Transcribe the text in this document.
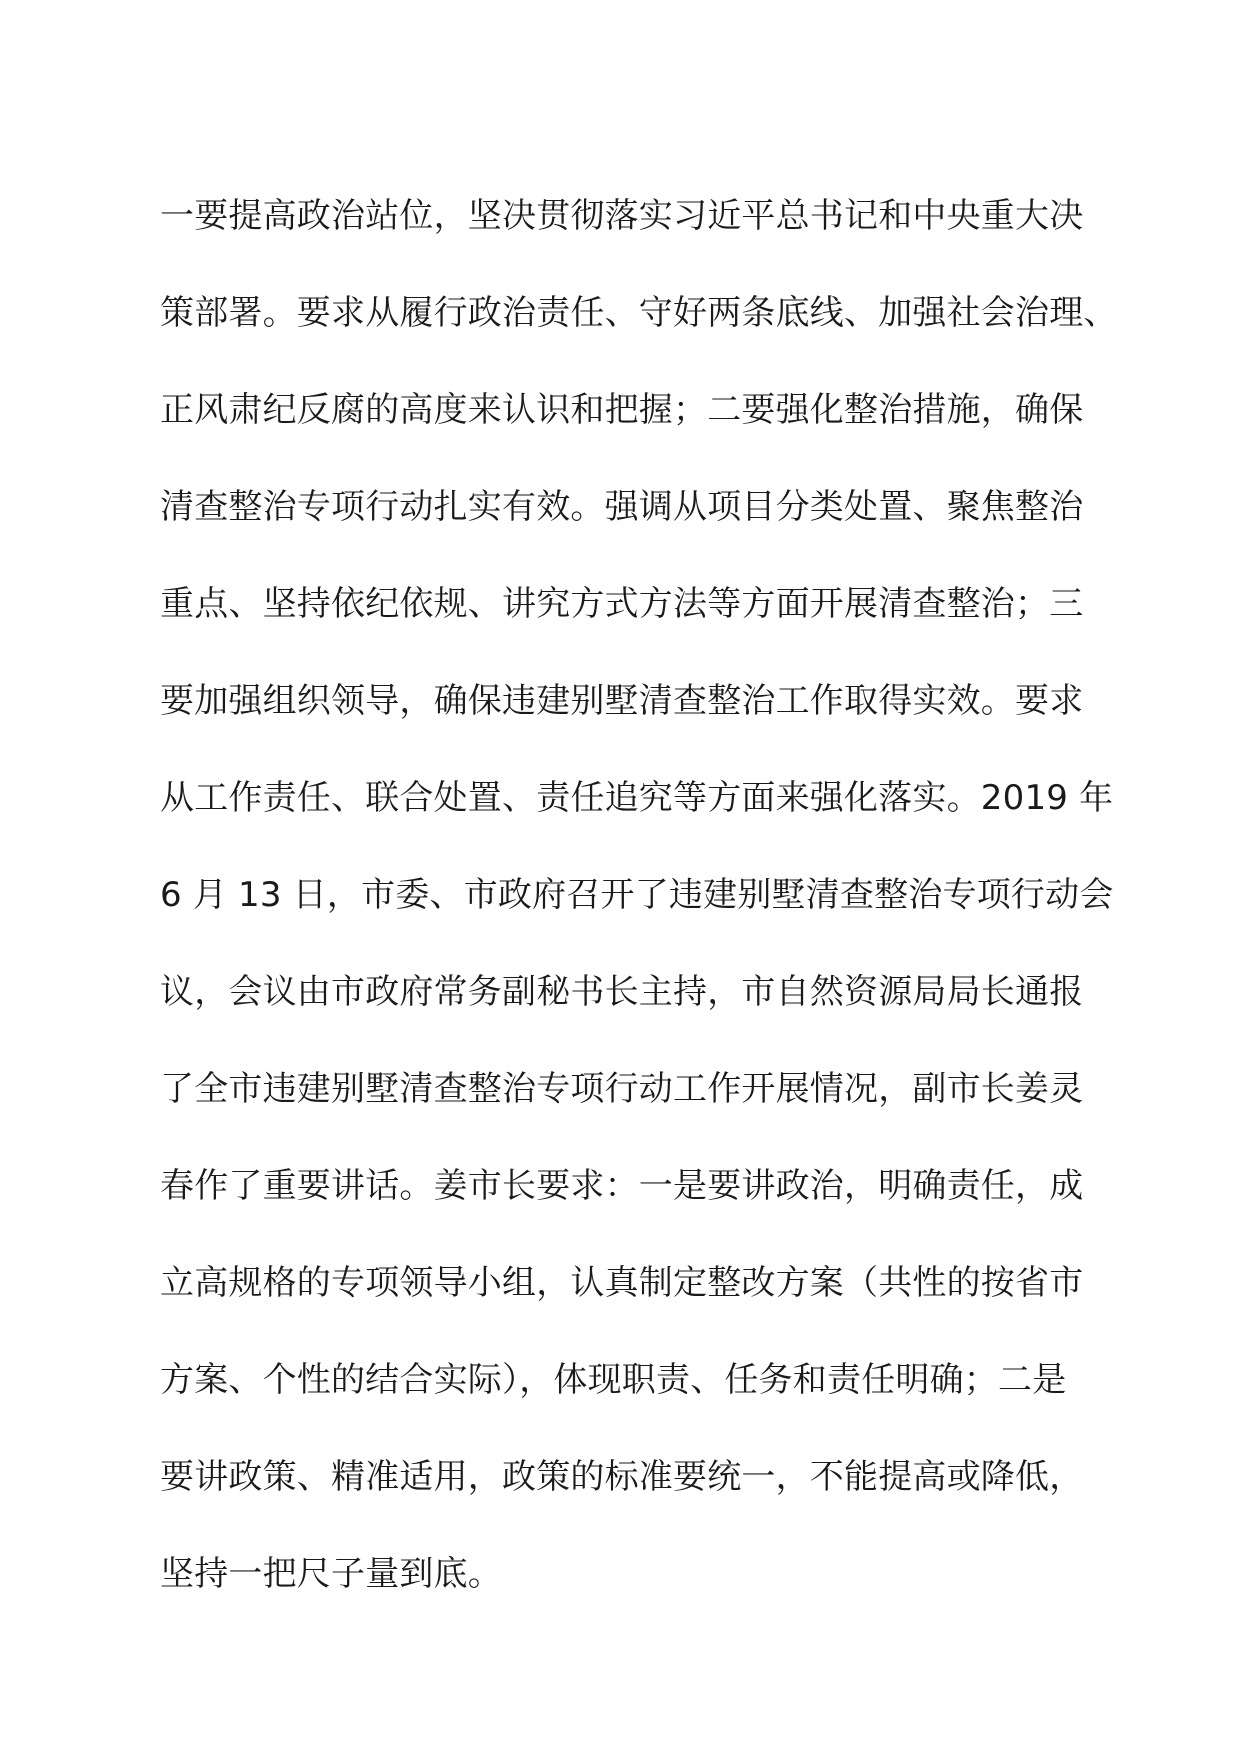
一要提高政治站位，坚决贯彻落实习近平总书记和中央重大决

策部署。要求从履行政治责任、守好两条底线、加强社会治理、

正风肃纪反腐的高度来认识和把握；二要强化整治措施，确保

清查整治专项行动扎实有效。强调从项目分类处置、聚焦整治

重点、坚持依纪依规、讲究方式方法等方面开展清查整治；三

要加强组织领导，确保违建别墅清查整治工作取得实效。要求

从工作责任、联合处置、责任追究等方面来强化落实。2019 年

6 月 13 日，市委、市政府召开了违建别墅清查整治专项行动会

议，会议由市政府常务副秘书长主持，市自然资源局局长通报

了全市违建别墅清查整治专项行动工作开展情况，副市长姜灵

春作了重要讲话。姜市长要求：一是要讲政治，明确责任，成

立高规格的专项领导小组，认真制定整改方案（共性的按省市

方案、个性的结合实际），体现职责、任务和责任明确；二是

要讲政策、精准适用，政策的标准要统一，不能提高或降低，

坚持一把尺子量到底。
